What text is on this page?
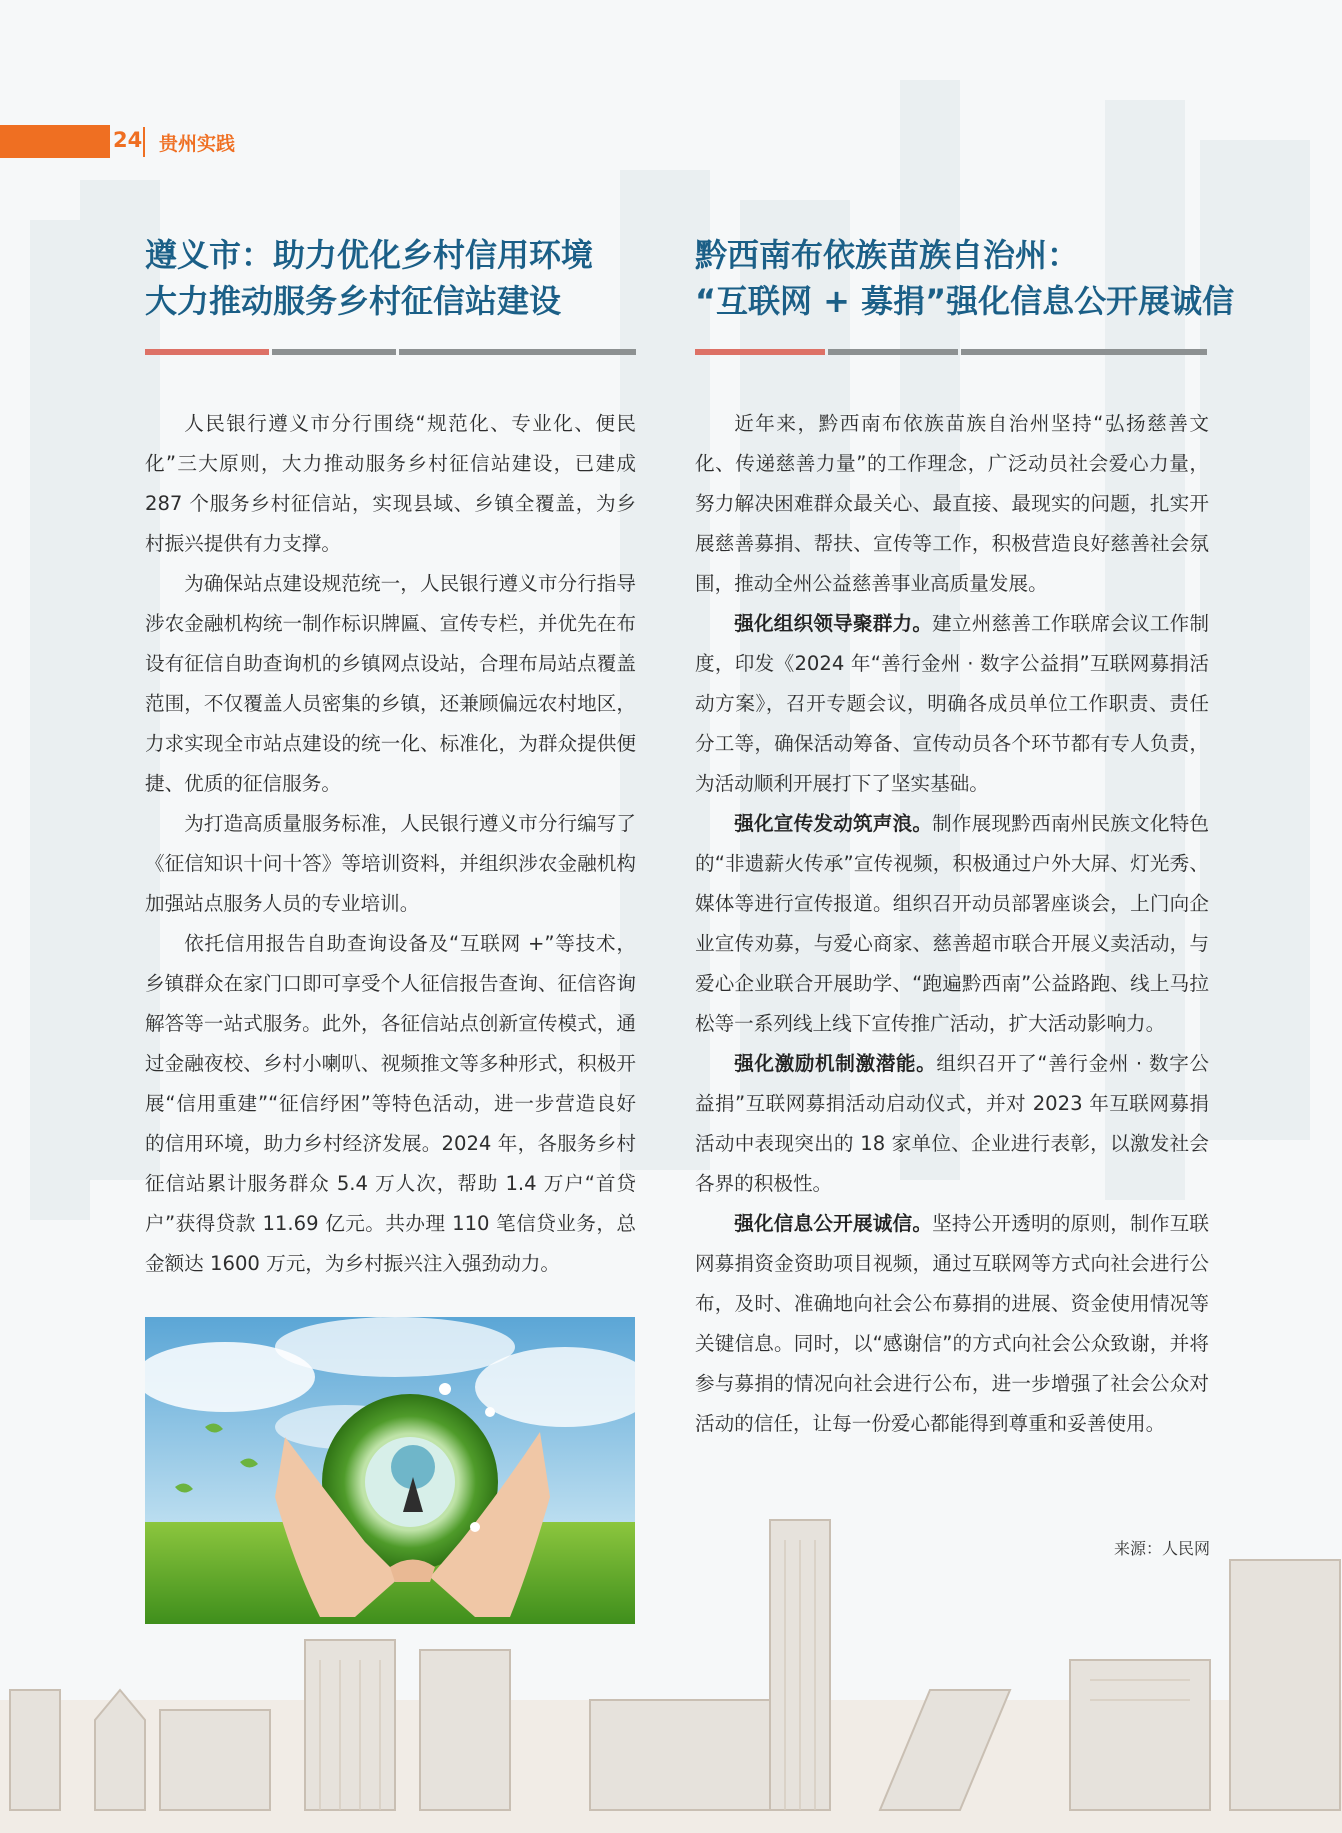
24 贵州实践
遵义市：助力优化乡村信用环境
大力推动服务乡村征信站建设

人民银行遵义市分行围绕“规范化、专业化、便民化”三大原则，大力推动服务乡村征信站建设，已建成 287 个服务乡村征信站，实现县域、乡镇全覆盖，为乡村振兴提供有力支撑。

为确保站点建设规范统一，人民银行遵义市分行指导涉农金融机构统一制作标识牌匾、宣传专栏，并优先在布设有征信自助查询机的乡镇网点设站，合理布局站点覆盖范围，不仅覆盖人员密集的乡镇，还兼顾偏远农村地区，力求实现全市站点建设的统一化、标准化，为群众提供便捷、优质的征信服务。

为打造高质量服务标准，人民银行遵义市分行编写了《征信知识十问十答》等培训资料，并组织涉农金融机构加强站点服务人员的专业培训。

依托信用报告自助查询设备及“互联网 +”等技术，乡镇群众在家门口即可享受个人征信报告查询、征信咨询解答等一站式服务。此外，各征信站点创新宣传模式，通过金融夜校、乡村小喇叭、视频推文等多种形式，积极开展“信用重建”“征信纾困”等特色活动，进一步营造良好的信用环境，助力乡村经济发展。2024 年，各服务乡村征信站累计服务群众 5.4 万人次，帮助 1.4 万户“首贷户”获得贷款 11.69 亿元。共办理 110 笔信贷业务，总金额达 1600 万元，为乡村振兴注入强劲动力。

黔西南布依族苗族自治州：
“互联网 + 募捐”强化信息公开展诚信

近年来，黔西南布依族苗族自治州坚持“弘扬慈善文化、传递慈善力量”的工作理念，广泛动员社会爱心力量，努力解决困难群众最关心、最直接、最现实的问题，扎实开展慈善募捐、帮扶、宣传等工作，积极营造良好慈善社会氛围，推动全州公益慈善事业高质量发展。

强化组织领导聚群力。建立州慈善工作联席会议工作制度，印发《2024 年“善行金州 · 数字公益捐”互联网募捐活动方案》，召开专题会议，明确各成员单位工作职责、责任分工等，确保活动筹备、宣传动员各个环节都有专人负责，为活动顺利开展打下了坚实基础。

强化宣传发动筑声浪。制作展现黔西南州民族文化特色的“非遗薪火传承”宣传视频，积极通过户外大屏、灯光秀、媒体等进行宣传报道。组织召开动员部署座谈会，上门向企业宣传劝募，与爱心商家、慈善超市联合开展义卖活动，与爱心企业联合开展助学、“跑遍黔西南”公益路跑、线上马拉松等一系列线上线下宣传推广活动，扩大活动影响力。

强化激励机制激潜能。组织召开了“善行金州 · 数字公益捐”互联网募捐活动启动仪式，并对 2023 年互联网募捐活动中表现突出的 18 家单位、企业进行表彰，以激发社会各界的积极性。

强化信息公开展诚信。坚持公开透明的原则，制作互联网募捐资金资助项目视频，通过互联网等方式向社会进行公布，及时、准确地向社会公布募捐的进展、资金使用情况等关键信息。同时，以“感谢信”的方式向社会公众致谢，并将参与募捐的情况向社会进行公布，进一步增强了社会公众对活动的信任，让每一份爱心都能得到尊重和妥善使用。

来源：人民网
